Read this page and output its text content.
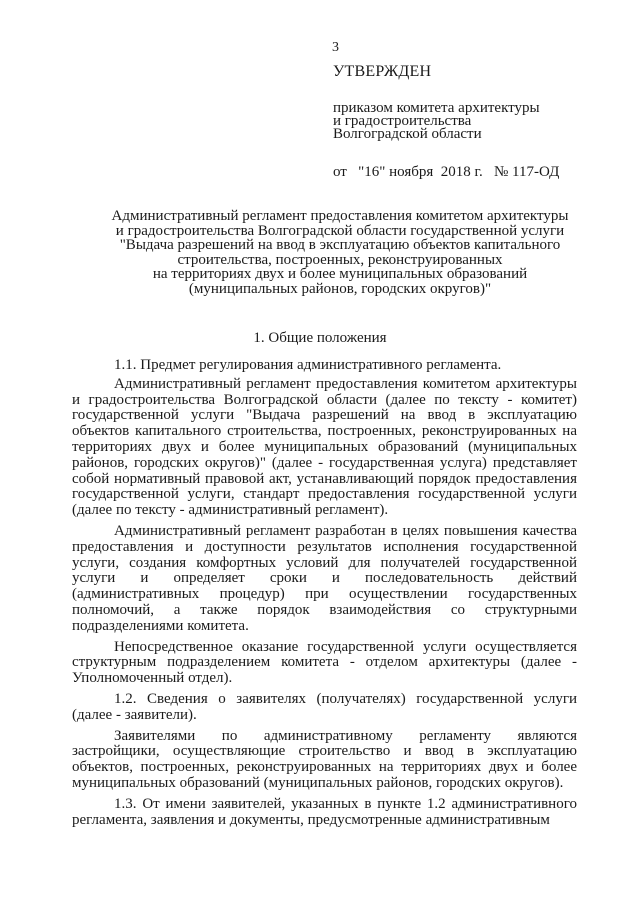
3
УТВЕРЖДЕН
приказом комитета архитектуры
и градостроительства
Волгоградской области
от   "16" ноября  2018 г.   № 117-ОД
Административный регламент предоставления комитетом архитектуры
и градостроительства Волгоградской области государственной услуги
"Выдача разрешений на ввод в эксплуатацию объектов капитального
строительства, построенных, реконструированных
на территориях двух и более муниципальных образований
(муниципальных районов, городских округов)"
1. Общие положения

1.1. Предмет регулирования административного регламента.

Административный регламент предоставления комитетом архитектуры и градостроительства Волгоградской области (далее по тексту - комитет) государственной услуги "Выдача разрешений на ввод в эксплуатацию объектов капитального строительства, построенных, реконструированных на территориях двух и более муниципальных образований (муниципальных районов, городских округов)" (далее - государственная услуга) представляет собой нормативный правовой акт, устанавливающий порядок предоставления государственной услуги, стандарт предоставления государственной услуги (далее по тексту - административный регламент).

Административный регламент разработан в целях повышения качества предоставления и доступности результатов исполнения государственной услуги, создания комфортных условий для получателей государственной услуги и определяет сроки и последовательность действий (административных процедур) при осуществлении государственных полномочий, а также порядок взаимодействия со структурными подразделениями комитета.

Непосредственное оказание государственной услуги осуществляется структурным подразделением комитета - отделом архитектуры (далее - Уполномоченный отдел).

1.2. Сведения о заявителях (получателях) государственной услуги (далее - заявители).

Заявителями по административному регламенту являются застройщики, осуществляющие строительство и ввод в эксплуатацию объектов, построенных, реконструированных на территориях двух и более муниципальных образований (муниципальных районов, городских округов).

1.3. От имени заявителей, указанных в пункте 1.2 административного регламента, заявления и документы, предусмотренные административным
